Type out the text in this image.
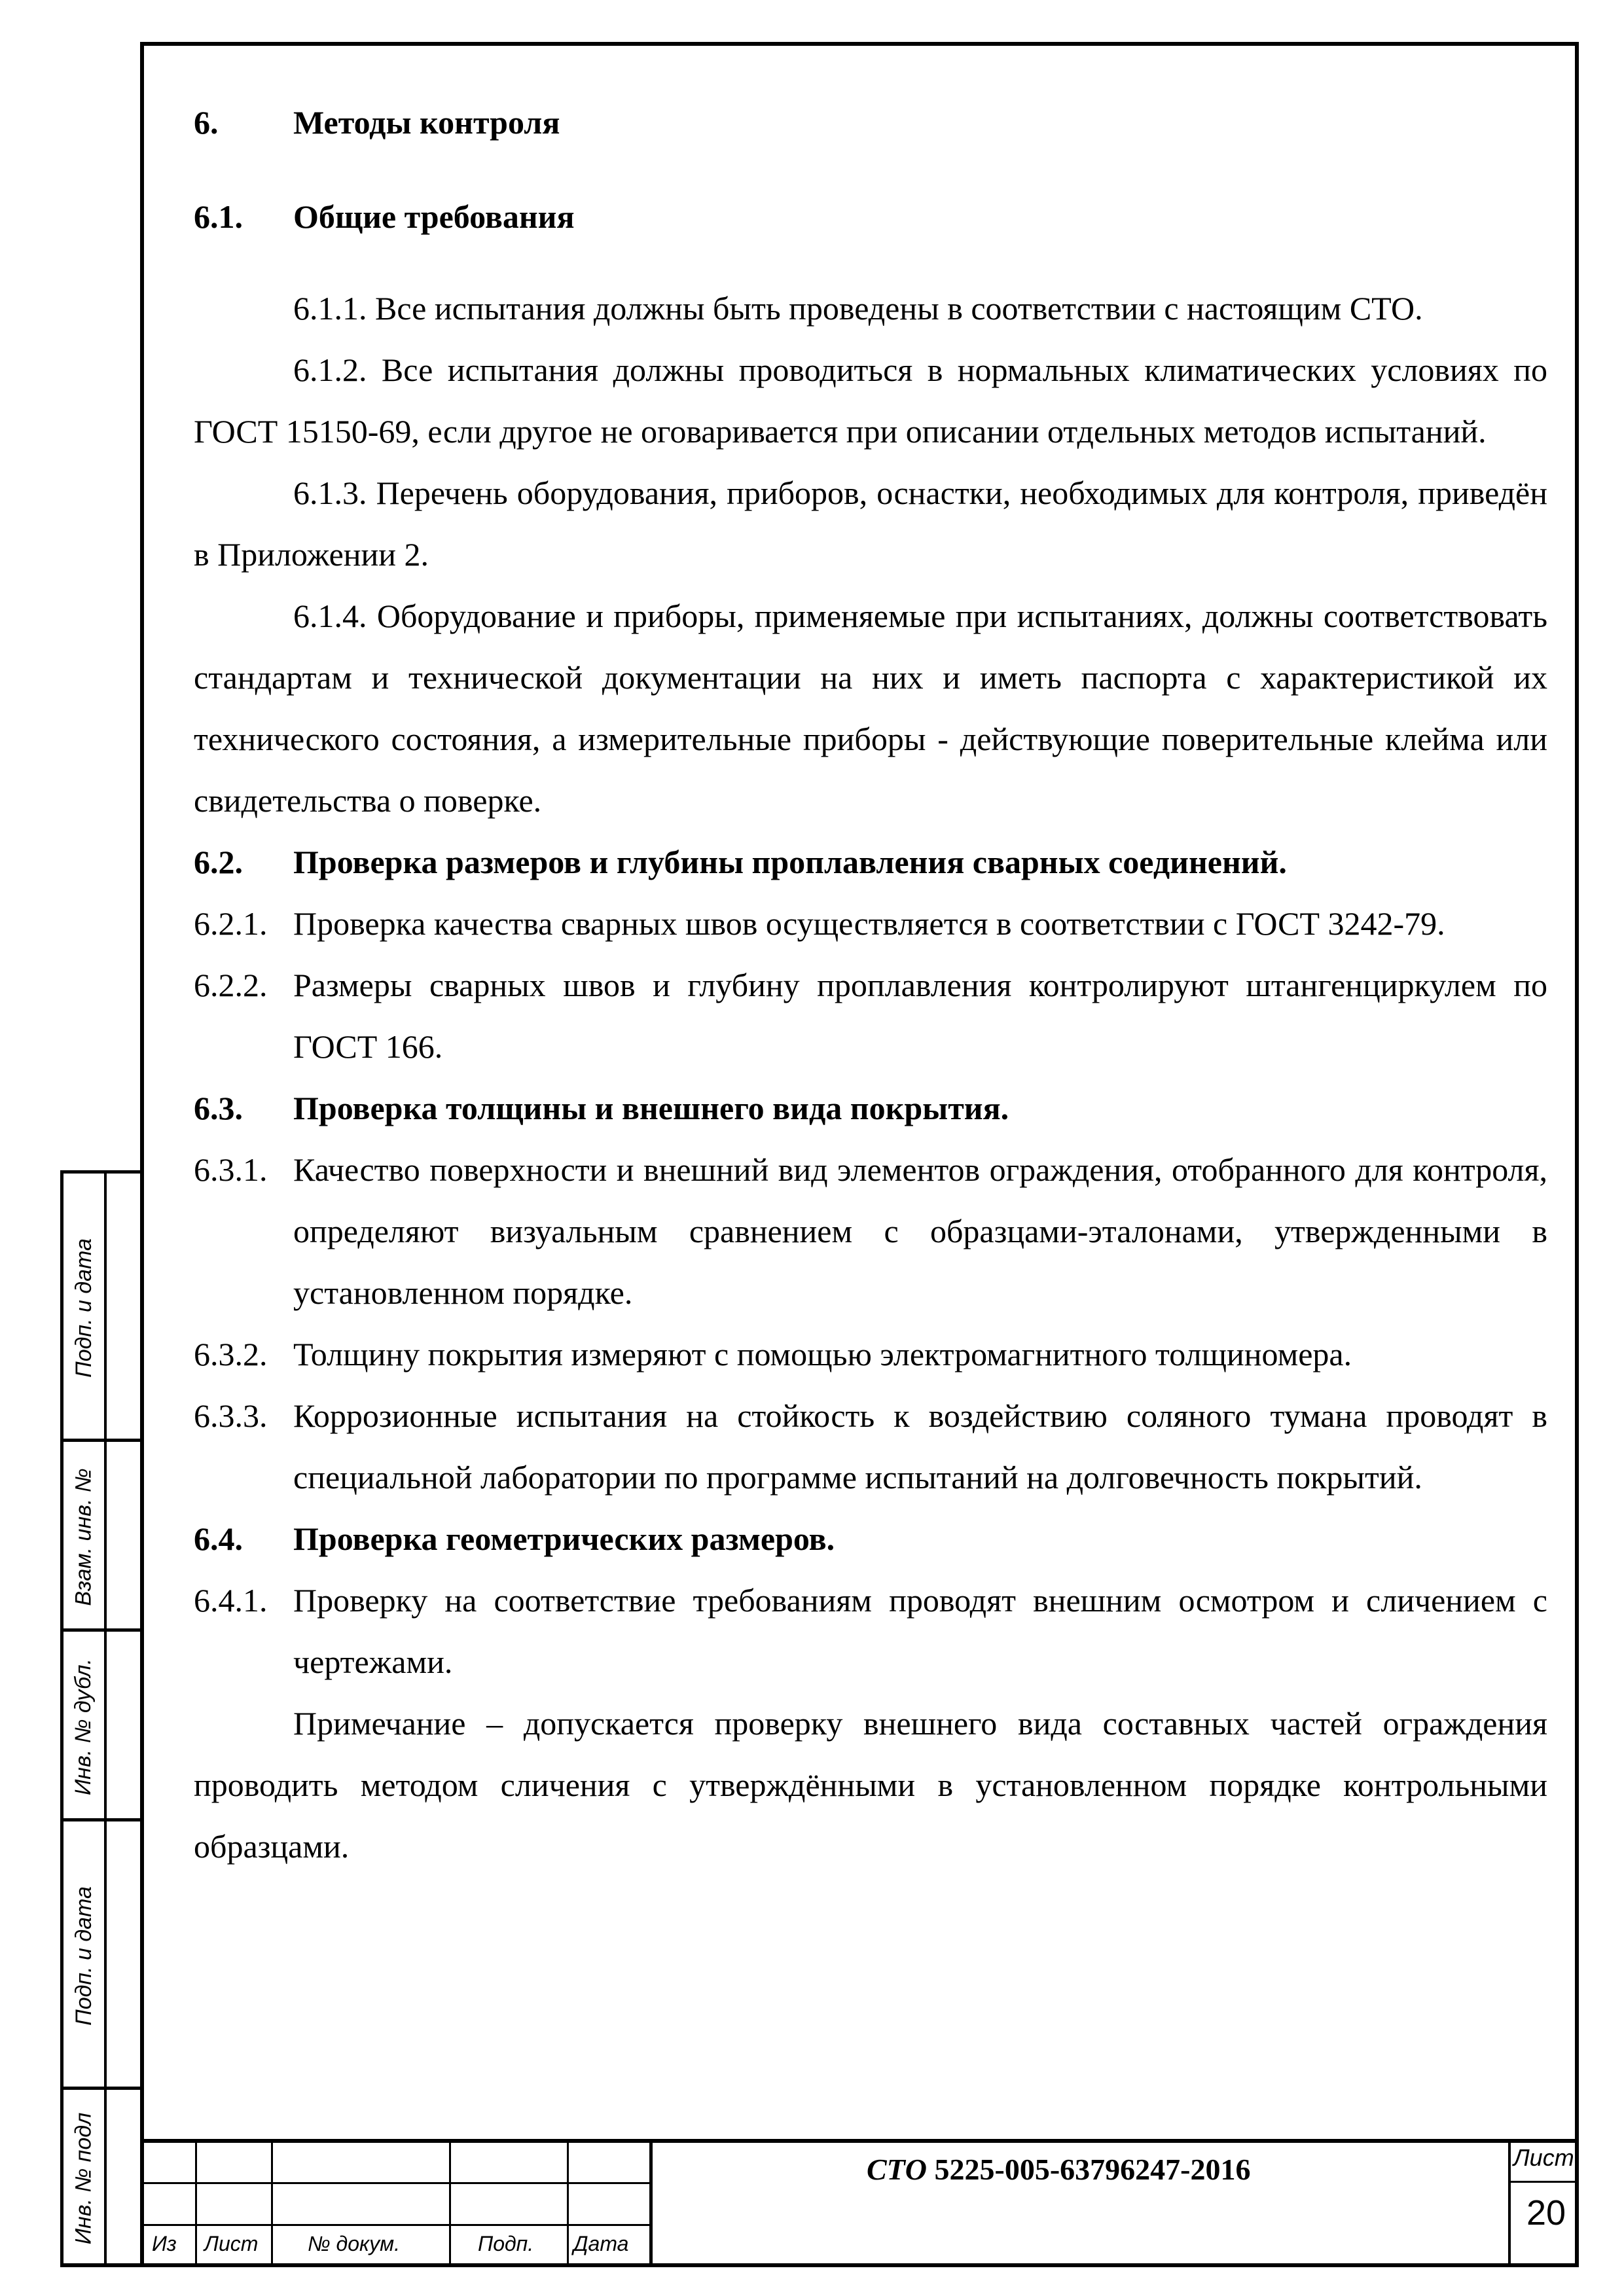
6.	Методы контроля

6.1.	Общие требования

6.1.1. Все испытания должны быть проведены в соответствии с настоящим СТО.

6.1.2. Все испытания должны проводиться в нормальных климатических условиях по ГОСТ 15150-69, если другое не оговаривается при описании отдельных методов испытаний.

6.1.3. Перечень оборудования, приборов, оснастки, необходимых для контроля, приведён в Приложении 2.

6.1.4. Оборудование и приборы, применяемые при испытаниях, должны соответствовать стандартам и технической документации на них и иметь паспорта с характеристикой их технического состояния, а измерительные приборы - действующие поверительные клейма или свидетельства о поверке.

6.2.	Проверка размеров и глубины проплавления сварных соединений.

6.2.1. Проверка качества сварных швов осуществляется в соответствии с ГОСТ 3242-79.
6.2.2. Размеры сварных швов и глубину проплавления контролируют штангенциркулем по ГОСТ 166.

6.3.	Проверка толщины и внешнего вида покрытия.

6.3.1. Качество поверхности и внешний вид элементов ограждения, отобранного для контроля, определяют визуальным сравнением с образцами-эталонами, утвержденными в установленном порядке.
6.3.2. Толщину покрытия измеряют с помощью электромагнитного толщиномера.
6.3.3. Коррозионные испытания на стойкость к воздействию соляного тумана проводят в специальной лаборатории по программе испытаний на долговечность покрытий.

6.4.	Проверка геометрических размеров.

6.4.1. Проверку на соответствие требованиям проводят внешним осмотром и сличением с чертежами.

Примечание – допускается проверку внешнего вида составных частей ограждения проводить методом сличения с утверждёнными в установленном порядке контрольными образцами.

Подп. и дата
Взам. инв. №
Инв. № дубл.
Подп. и дата
Инв. № подл	Из Лист № докум.	Подп. Дата
СТО 5225-005-63796247-2016	Лист
20
